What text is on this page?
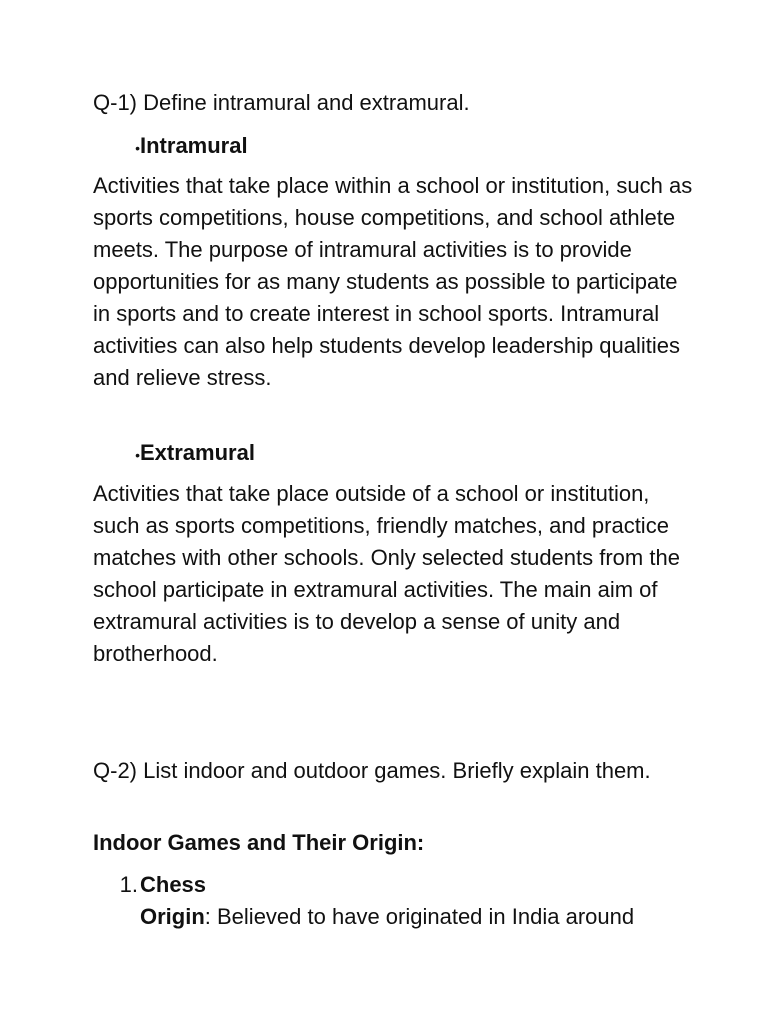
Q-1) Define intramural and extramural.

• Intramural

Activities that take place within a school or institution, such as sports competitions, house competitions, and school athlete meets. The purpose of intramural activities is to provide opportunities for as many students as possible to participate in sports and to create interest in school sports. Intramural activities can also help students develop leadership qualities and relieve stress.

• Extramural

Activities that take place outside of a school or institution, such as sports competitions, friendly matches, and practice matches with other schools. Only selected students from the school participate in extramural activities. The main aim of extramural activities is to develop a sense of unity and brotherhood.

Q-2) List indoor and outdoor games. Briefly explain them.

Indoor Games and Their Origin:

1. Chess
Origin: Believed to have originated in India around
